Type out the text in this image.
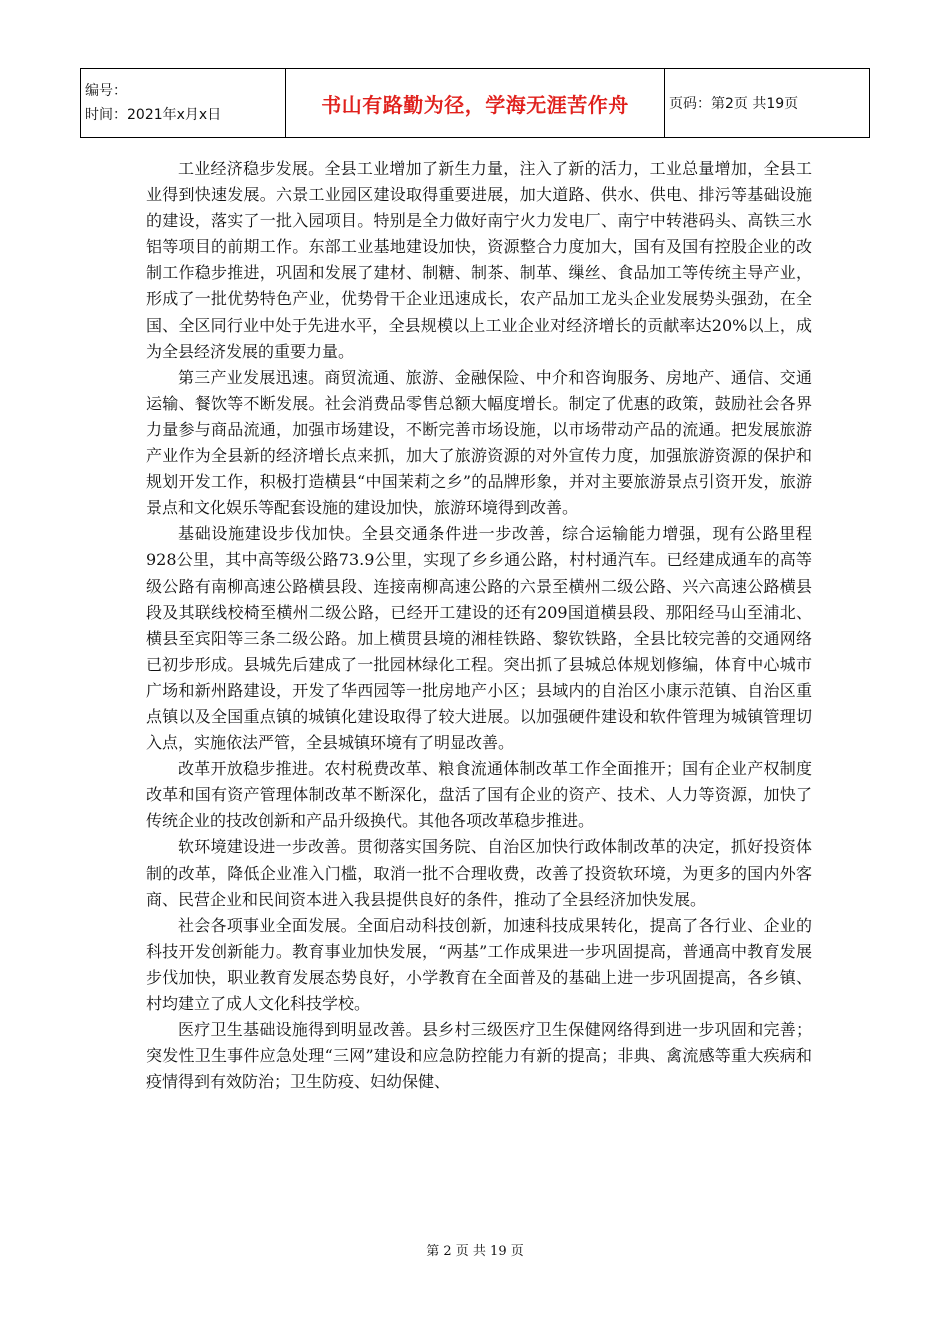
编号：
时间：2021年x月x日	书山有路勤为径，学海无涯苦作舟	页码：第2页 共19页

工业经济稳步发展。全县工业增加了新生力量，注入了新的活力，工业总量增加，全县工业得到快速发展。六景工业园区建设取得重要进展，加大道路、供水、供电、排污等基础设施的建设，落实了一批入园项目。特别是全力做好南宁火力发电厂、南宁中转港码头、高铁三水铝等项目的前期工作。东部工业基地建设加快，资源整合力度加大，国有及国有控股企业的改制工作稳步推进，巩固和发展了建材、制糖、制茶、制革、缫丝、食品加工等传统主导产业，形成了一批优势特色产业，优势骨干企业迅速成长，农产品加工龙头企业发展势头强劲，在全国、全区同行业中处于先进水平，全县规模以上工业企业对经济增长的贡献率达20%以上，成为全县经济发展的重要力量。

第三产业发展迅速。商贸流通、旅游、金融保险、中介和咨询服务、房地产、通信、交通运输、餐饮等不断发展。社会消费品零售总额大幅度增长。制定了优惠的政策，鼓励社会各界力量参与商品流通，加强市场建设，不断完善市场设施，以市场带动产品的流通。把发展旅游产业作为全县新的经济增长点来抓，加大了旅游资源的对外宣传力度，加强旅游资源的保护和规划开发工作，积极打造横县“中国茉莉之乡”的品牌形象，并对主要旅游景点引资开发，旅游景点和文化娱乐等配套设施的建设加快，旅游环境得到改善。

基础设施建设步伐加快。全县交通条件进一步改善，综合运输能力增强，现有公路里程928公里，其中高等级公路73.9公里，实现了乡乡通公路，村村通汽车。已经建成通车的高等级公路有南柳高速公路横县段、连接南柳高速公路的六景至横州二级公路、兴六高速公路横县段及其联线校椅至横州二级公路，已经开工建设的还有209国道横县段、那阳经马山至浦北、横县至宾阳等三条二级公路。加上横贯县境的湘桂铁路、黎钦铁路，全县比较完善的交通网络已初步形成。县城先后建成了一批园林绿化工程。突出抓了县城总体规划修编，体育中心城市广场和新州路建设，开发了华西园等一批房地产小区；县域内的自治区小康示范镇、自治区重点镇以及全国重点镇的城镇化建设取得了较大进展。以加强硬件建设和软件管理为城镇管理切入点，实施依法严管，全县城镇环境有了明显改善。

改革开放稳步推进。农村税费改革、粮食流通体制改革工作全面推开；国有企业产权制度改革和国有资产管理体制改革不断深化，盘活了国有企业的资产、技术、人力等资源，加快了传统企业的技改创新和产品升级换代。其他各项改革稳步推进。

软环境建设进一步改善。贯彻落实国务院、自治区加快行政体制改革的决定，抓好投资体制的改革，降低企业准入门槛，取消一批不合理收费，改善了投资软环境，为更多的国内外客商、民营企业和民间资本进入我县提供良好的条件，推动了全县经济加快发展。

社会各项事业全面发展。全面启动科技创新，加速科技成果转化，提高了各行业、企业的科技开发创新能力。教育事业加快发展，“两基”工作成果进一步巩固提高，普通高中教育发展步伐加快，职业教育发展态势良好，小学教育在全面普及的基础上进一步巩固提高，各乡镇、村均建立了成人文化科技学校。

医疗卫生基础设施得到明显改善。县乡村三级医疗卫生保健网络得到进一步巩固和完善；突发性卫生事件应急处理“三网”建设和应急防控能力有新的提高；非典、禽流感等重大疾病和疫情得到有效防治；卫生防疫、妇幼保健、

第 2 页 共 19 页
